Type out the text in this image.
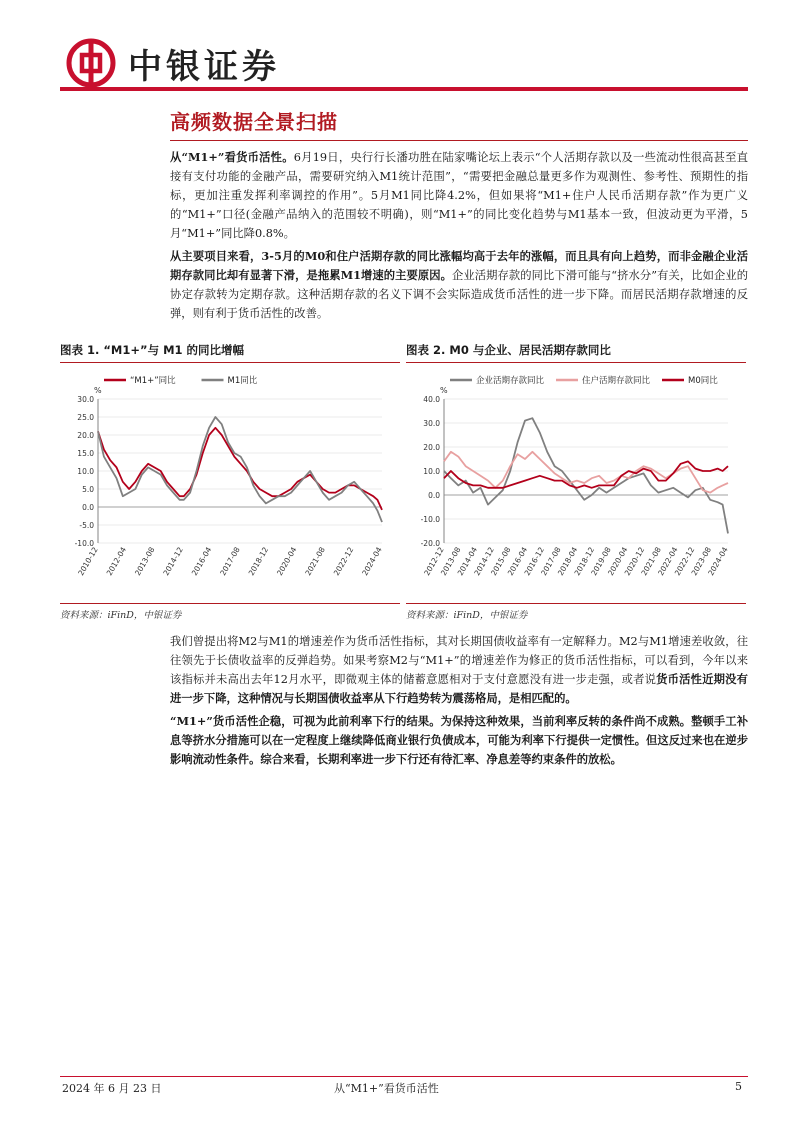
中银证券
高频数据全景扫描

从“M1+”看货币活性。6月19日，央行行长潘功胜在陆家嘴论坛上表示“个人活期存款以及一些流动性很高甚至直接有支付功能的金融产品，需要研究纳入M1统计范围”，“需要把金融总量更多作为观测性、参考性、预期性的指标，更加注重发挥利率调控的作用”。5月M1同比降4.2%，但如果将“M1+住户人民币活期存款”作为更广义的“M1+”口径(金融产品纳入的范围较不明确)，则“M1+”的同比变化趋势与M1基本一致，但波动更为平滑，5月“M1+”同比降0.8%。

从主要项目来看，3-5月的M0和住户活期存款的同比涨幅均高于去年的涨幅，而且具有向上趋势，而非金融企业活期存款同比却有显著下滑，是拖累M1增速的主要原因。企业活期存款的同比下滑可能与“挤水分”有关，比如企业的协定存款转为定期存款。这种活期存款的名义下调不会实际造成货币活性的进一步下降。而居民活期存款增速的反弹，则有利于货币活性的改善。

图表 1. “M1+”与 M1 的同比增幅
“M1+”同比	M1同比
%
30.0
25.0
20.0
15.0
10.0
5.0
0.0
-5.0
-10.0
2010-12 2012-04 2013-08 2014-12 2016-04 2017-08 2018-12 2020-04 2021-08 2022-12 2024-04
资料来源：iFinD，中银证券
图表 2. M0 与企业、居民活期存款同比
企业活期存款同比	住户活期存款同比	M0同比
%
40.0
30.0
20.0
10.0
0.0
-10.0
-20.0
2012-12
2013-08
2014-04
2014-12
2015-08
2016-04
2016-12
2017-08
2018-04
2018-12
2019-08
2020-04
2020-12
2021-08
2022-04
2022-12
2023-08
2024-04
资料来源：iFinD，中银证券

我们曾提出将M2与M1的增速差作为货币活性指标，其对长期国债收益率有一定解释力。M2与M1增速差收敛，往往领先于长债收益率的反弹趋势。如果考察M2与“M1+”的增速差作为修正的货币活性指标，可以看到，今年以来该指标并未高出去年12月水平，即微观主体的储蓄意愿相对于支付意愿没有进一步走强，或者说货币活性近期没有进一步下降，这种情况与长期国债收益率从下行趋势转为震荡格局，是相匹配的。

“M1+”货币活性企稳，可视为此前利率下行的结果。为保持这种效果，当前利率反转的条件尚不成熟。整顿手工补息等挤水分措施可以在一定程度上继续降低商业银行负债成本，可能为利率下行提供一定惯性。但这反过来也在逆步影响流动性条件。综合来看，长期利率进一步下行还有待汇率、净息差等约束条件的放松。

2024 年 6 月 23 日	从“M1+”看货币活性	5
